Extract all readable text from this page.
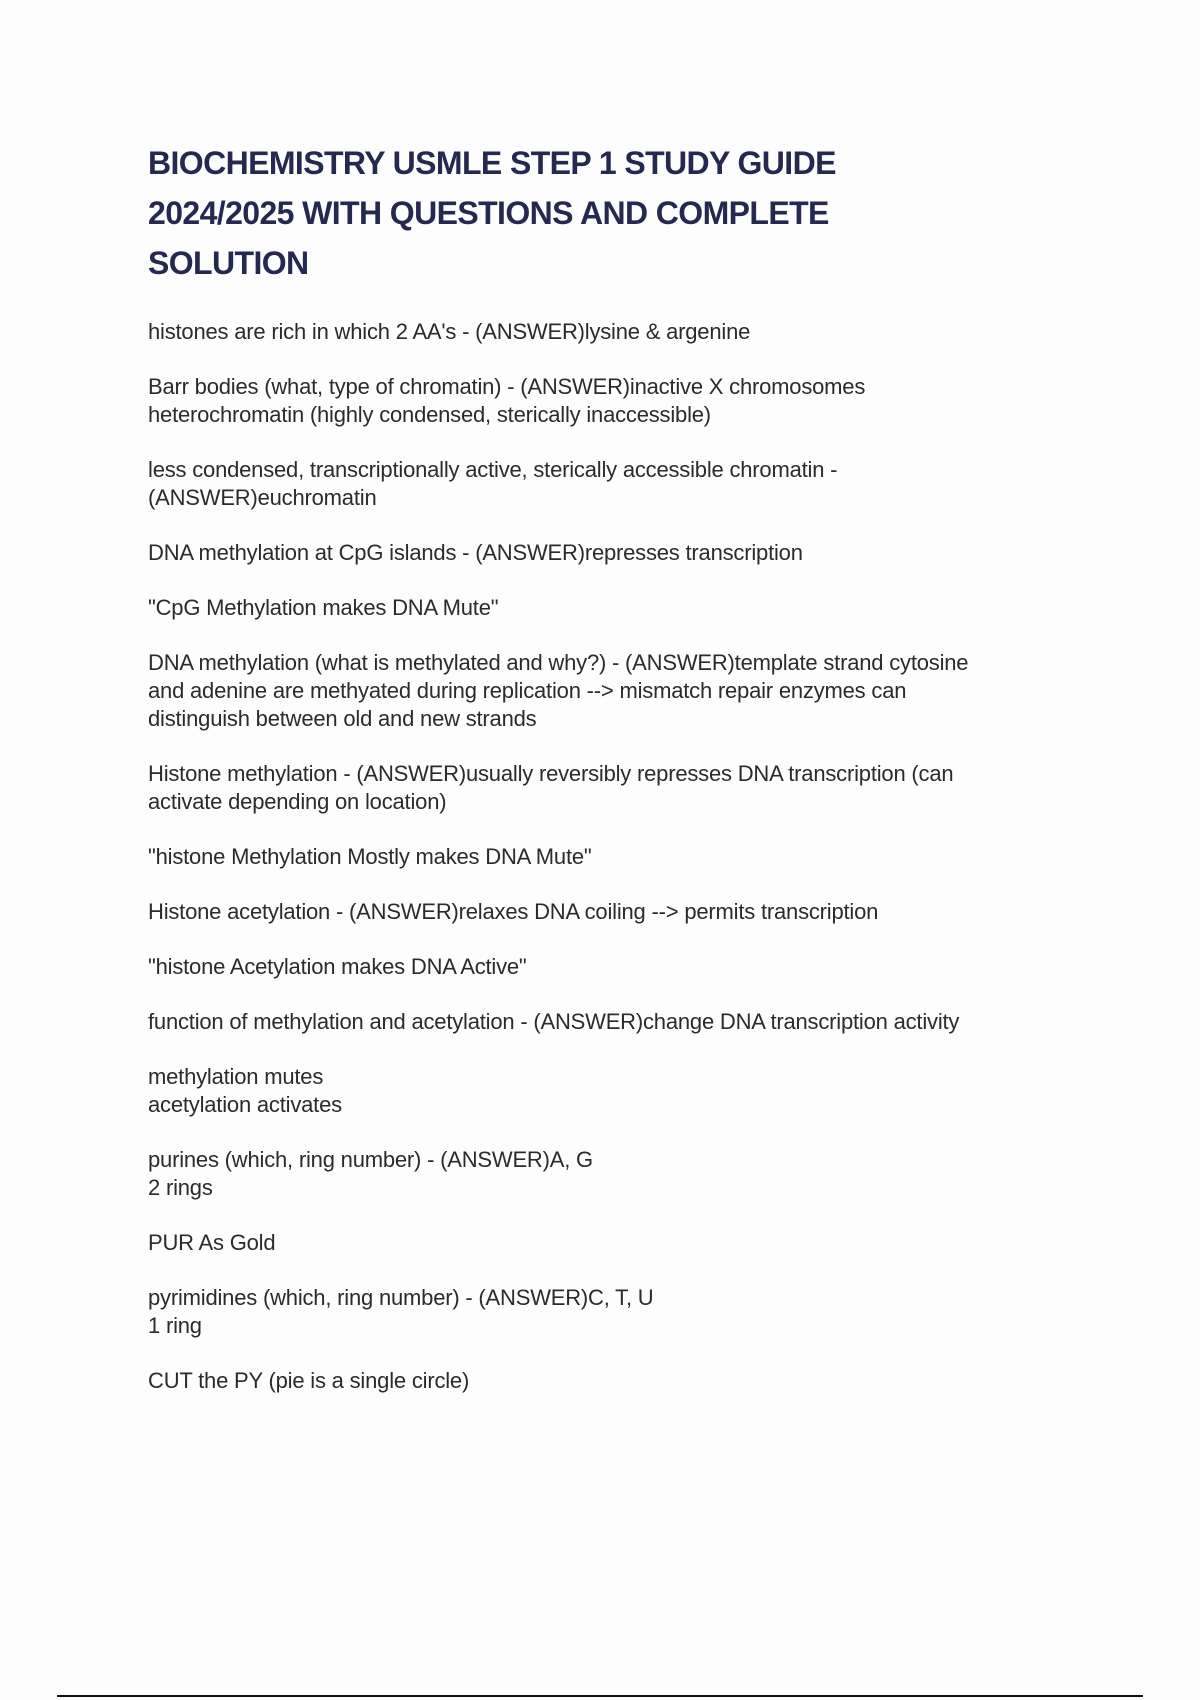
BIOCHEMISTRY USMLE STEP 1 STUDY GUIDE
2024/2025 WITH QUESTIONS AND COMPLETE
SOLUTION

histones are rich in which 2 AA's - (ANSWER)lysine & argenine

Barr bodies (what, type of chromatin) - (ANSWER)inactive X chromosomes
heterochromatin (highly condensed, sterically inaccessible)

less condensed, transcriptionally active, sterically accessible chromatin -
(ANSWER)euchromatin

DNA methylation at CpG islands - (ANSWER)represses transcription

"CpG Methylation makes DNA Mute"

DNA methylation (what is methylated and why?) - (ANSWER)template strand cytosine
and adenine are methyated during replication --> mismatch repair enzymes can
distinguish between old and new strands

Histone methylation - (ANSWER)usually reversibly represses DNA transcription (can
activate depending on location)

"histone Methylation Mostly makes DNA Mute"

Histone acetylation - (ANSWER)relaxes DNA coiling --> permits transcription

"histone Acetylation makes DNA Active"

function of methylation and acetylation - (ANSWER)change DNA transcription activity

methylation mutes
acetylation activates

purines (which, ring number) - (ANSWER)A, G
2 rings

PUR As Gold

pyrimidines (which, ring number) - (ANSWER)C, T, U
1 ring

CUT the PY (pie is a single circle)
